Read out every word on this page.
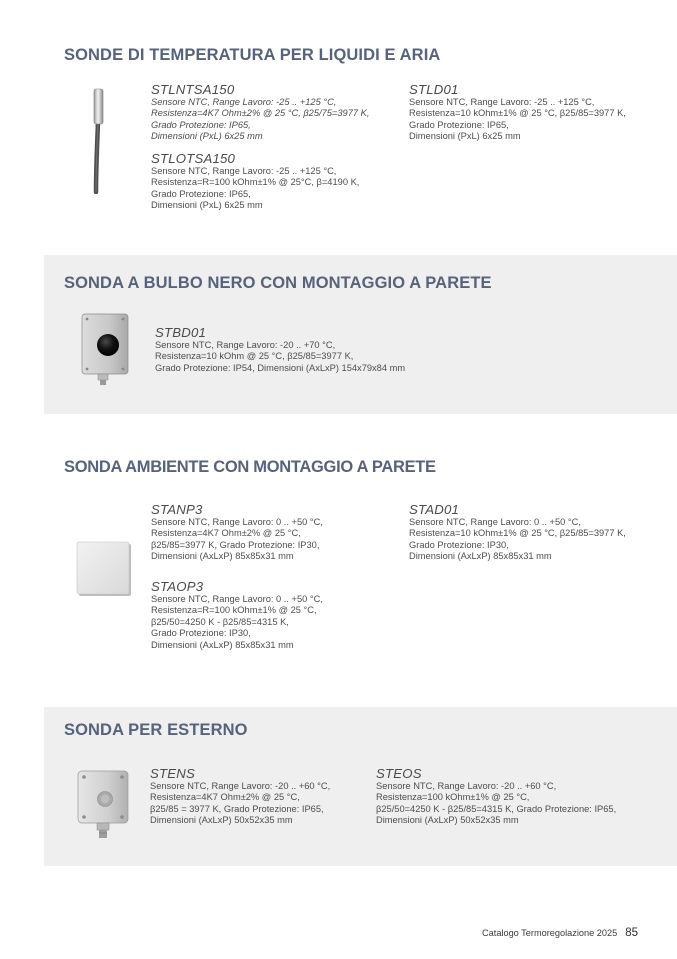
SONDE DI TEMPERATURA PER LIQUIDI E ARIA
STLNTSA150
Sensore NTC, Range Lavoro: -25 .. +125 °C,
Resistenza=4K7 Ohm±2% @ 25 °C, β25/75=3977 K,
Grado Protezione: IP65,
Dimensioni (PxL) 6x25 mm
STLOTSA150
Sensore NTC, Range Lavoro: -25 .. +125 °C,
Resistenza=R=100 kOhm±1% @ 25°C, β=4190 K,
Grado Protezione: IP65,
Dimensioni (PxL) 6x25 mm
STLD01
Sensore NTC, Range Lavoro: -25 .. +125 °C,
Resistenza=10 kOhm±1% @ 25 °C, β25/85=3977 K,
Grado Protezione: IP65,
Dimensioni (PxL) 6x25 mm
SONDA A BULBO NERO CON MONTAGGIO A PARETE
STBD01
Sensore NTC, Range Lavoro: -20 .. +70 °C,
Resistenza=10 kOhm @ 25 °C, β25/85=3977 K,
Grado Protezione: IP54, Dimensioni (AxLxP) 154x79x84 mm
SONDA AMBIENTE CON MONTAGGIO A PARETE
STANP3
Sensore NTC, Range Lavoro: 0 .. +50 °C,
Resistenza=4K7 Ohm±2% @ 25 °C,
β25/85=3977 K, Grado Protezione: IP30,
Dimensioni (AxLxP) 85x85x31 mm
STAOP3
Sensore NTC, Range Lavoro: 0 .. +50 °C,
Resistenza=R=100 kOhm±1% @ 25 °C,
β25/50=4250 K - β25/85=4315 K,
Grado Protezione: IP30,
Dimensioni (AxLxP) 85x85x31 mm
STAD01
Sensore NTC, Range Lavoro: 0 .. +50 °C,
Resistenza=10 kOhm±1% @ 25 °C, β25/85=3977 K,
Grado Protezione: IP30,
Dimensioni (AxLxP) 85x85x31 mm
SONDA PER ESTERNO
STENS
Sensore NTC, Range Lavoro: -20 .. +60 °C,
Resistenza=4K7 Ohm±2% @ 25 °C,
β25/85 = 3977 K, Grado Protezione: IP65,
Dimensioni (AxLxP) 50x52x35 mm
STEOS
Sensore NTC, Range Lavoro: -20 .. +60 °C,
Resistenza=100 kOhm±1% @ 25 °C,
β25/50=4250 K - β25/85=4315 K, Grado Protezione: IP65,
Dimensioni (AxLxP) 50x52x35 mm
Catalogo Termoregolazione 2025 85
